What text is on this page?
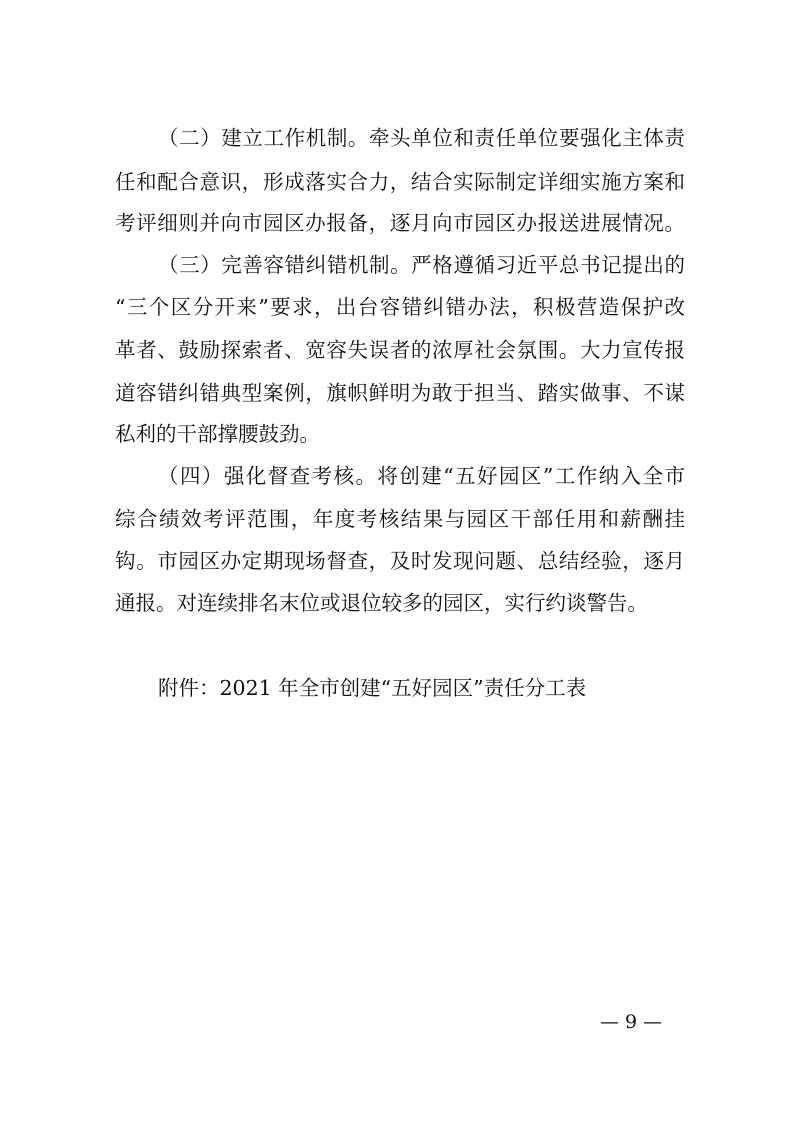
（二）建立工作机制。牵头单位和责任单位要强化主体责
任和配合意识，形成落实合力，结合实际制定详细实施方案和
考评细则并向市园区办报备，逐月向市园区办报送进展情况。
（三）完善容错纠错机制。严格遵循习近平总书记提出的
“三个区分开来”要求，出台容错纠错办法，积极营造保护改
革者、鼓励探索者、宽容失误者的浓厚社会氛围。大力宣传报
道容错纠错典型案例，旗帜鲜明为敢于担当、踏实做事、不谋
私利的干部撑腰鼓劲。
（四）强化督查考核。将创建“五好园区”工作纳入全市
综合绩效考评范围，年度考核结果与园区干部任用和薪酬挂
钩。市园区办定期现场督查，及时发现问题、总结经验，逐月
通报。对连续排名末位或退位较多的园区，实行约谈警告。
附件：2021 年全市创建“五好园区”责任分工表
— 9 —
